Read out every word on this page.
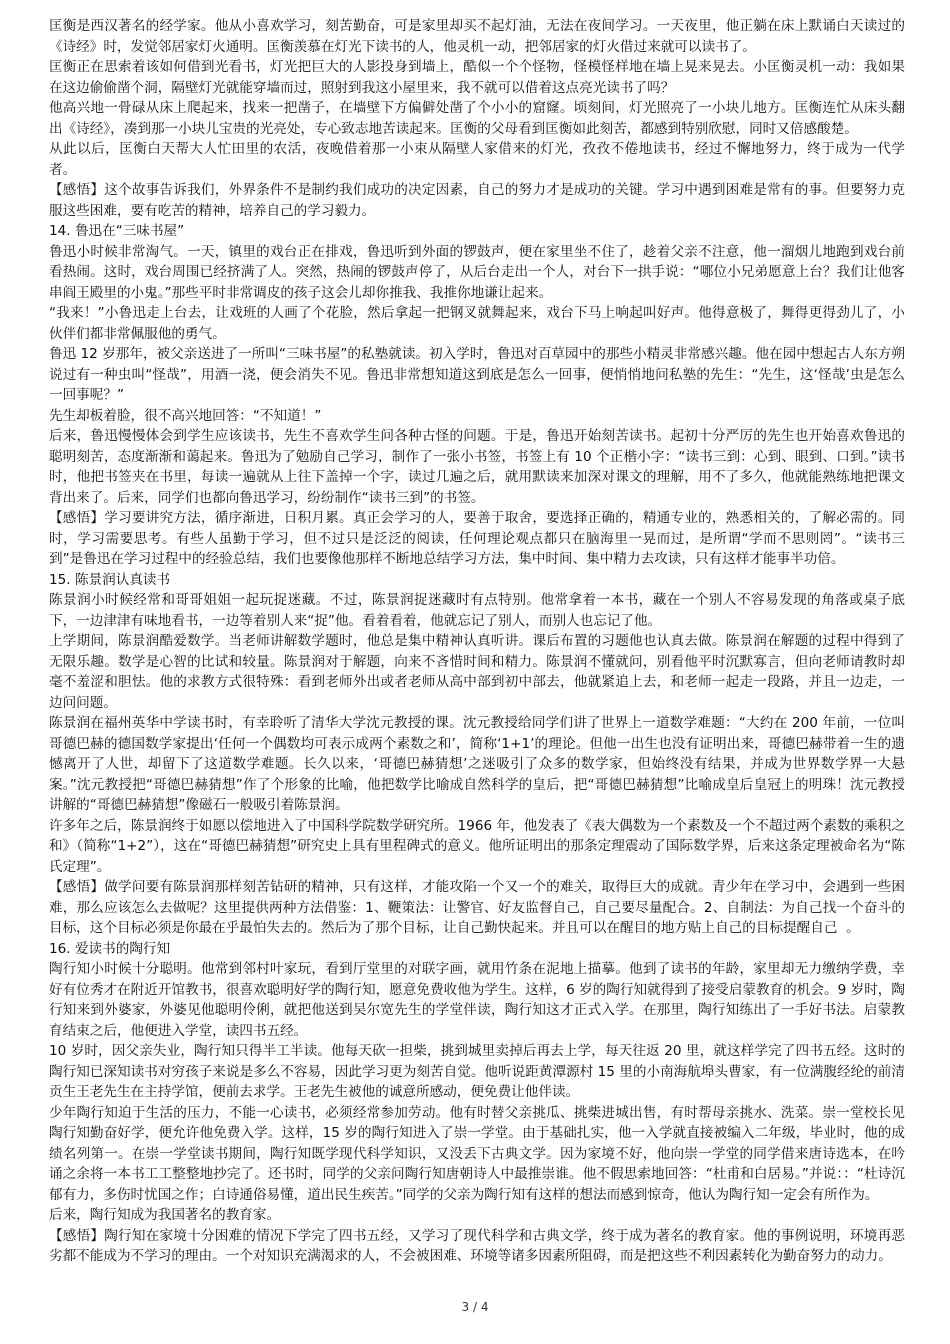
匡衡是西汉著名的经学家。他从小喜欢学习，刻苦勤奋，可是家里却买不起灯油，无法在夜间学习。一天夜里，他正躺在床上默诵白天读过的《诗经》时，发觉邻居家灯火通明。匡衡羡慕在灯光下读书的人，他灵机一动，把邻居家的灯火借过来就可以读书了。

匡衡正在思索着该如何借到光看书，灯光把巨大的人影投身到墙上，酷似一个个怪物，怪模怪样地在墙上晃来晃去。小匡衡灵机一动：我如果在这边偷偷凿个洞，隔壁灯光就能穿墙而过，照射到我这小屋里来，我不就可以借着这点亮光读书了吗？

他高兴地一骨碌从床上爬起来，找来一把凿子，在墙壁下方偏僻处凿了个小小的窟窿。顷刻间，灯光照亮了一小块儿地方。匡衡连忙从床头翻出《诗经》，凑到那一小块儿宝贵的光亮处，专心致志地苦读起来。匡衡的父母看到匡衡如此刻苦，都感到特别欣慰，同时又倍感酸楚。

从此以后，匡衡白天帮大人忙田里的农活，夜晚借着那一小束从隔壁人家借来的灯光，孜孜不倦地读书，经过不懈地努力，终于成为一代学者。

【感悟】这个故事告诉我们，外界条件不是制约我们成功的决定因素，自己的努力才是成功的关键。学习中遇到困难是常有的事。但要努力克服这些困难，要有吃苦的精神，培养自己的学习毅力。

14. 鲁迅在“三味书屋”

鲁迅小时候非常淘气。一天，镇里的戏台正在排戏，鲁迅听到外面的锣鼓声，便在家里坐不住了，趁着父亲不注意，他一溜烟儿地跑到戏台前看热闹。这时，戏台周围已经挤满了人。突然，热闹的锣鼓声停了，从后台走出一个人，对台下一拱手说：“哪位小兄弟愿意上台？我们让他客串阎王殿里的小鬼。”那些平时非常调皮的孩子这会儿却你推我、我推你地谦让起来。

“我来！”小鲁迅走上台去，让戏班的人画了个花脸，然后拿起一把钢叉就舞起来，戏台下马上响起叫好声。他得意极了，舞得更得劲儿了，小伙伴们都非常佩服他的勇气。

鲁迅 12 岁那年，被父亲送进了一所叫“三味书屋”的私塾就读。初入学时，鲁迅对百草园中的那些小精灵非常感兴趣。他在园中想起古人东方朔说过有一种虫叫“怪哉”，用酒一浇，便会消失不见。鲁迅非常想知道这到底是怎么一回事，便悄悄地问私塾的先生：“先生，这‘怪哉’虫是怎么一回事呢？”

先生却板着脸，很不高兴地回答：“不知道！”

后来，鲁迅慢慢体会到学生应该读书，先生不喜欢学生问各种古怪的问题。于是，鲁迅开始刻苦读书。起初十分严厉的先生也开始喜欢鲁迅的聪明刻苦，态度渐渐和蔼起来。鲁迅为了勉励自己学习，制作了一张小书签，书签上有 10 个正楷小字：“读书三到：心到、眼到、口到。”读书时，他把书签夹在书里，每读一遍就从上往下盖掉一个字，读过几遍之后，就用默读来加深对课文的理解，用不了多久，他就能熟练地把课文背出来了。后来，同学们也都向鲁迅学习，纷纷制作“读书三到”的书签。

【感悟】学习要讲究方法，循序渐进，日积月累。真正会学习的人，要善于取舍，要选择正确的，精通专业的，熟悉相关的，了解必需的。同时，学习需要思考。有些人虽勤于学习，但不过只是泛泛的阅读，任何理论观点都只在脑海里一晃而过，是所谓“学而不思则罔”。“读书三到”是鲁迅在学习过程中的经验总结，我们也要像他那样不断地总结学习方法，集中时间、集中精力去攻读，只有这样才能事半功倍。

15. 陈景润认真读书

陈景润小时候经常和哥哥姐姐一起玩捉迷藏。不过，陈景润捉迷藏时有点特别。他常拿着一本书，藏在一个别人不容易发现的角落或桌子底下，一边津津有味地看书，一边等着别人来“捉”他。看着看着，他就忘记了别人，而别人也忘记了他。

上学期间，陈景润酷爱数学。当老师讲解数学题时，他总是集中精神认真听讲。课后布置的习题他也认真去做。陈景润在解题的过程中得到了无限乐趣。数学是心智的比试和较量。陈景润对于解题，向来不吝惜时间和精力。陈景润不懂就问，别看他平时沉默寡言，但向老师请教时却毫不羞涩和胆怯。他的求教方式很特殊：看到老师外出或者老师从高中部到初中部去，他就紧追上去，和老师一起走一段路，并且一边走，一边问问题。

陈景润在福州英华中学读书时，有幸聆听了清华大学沈元教授的课。沈元教授给同学们讲了世界上一道数学难题：“大约在 200 年前，一位叫哥德巴赫的德国数学家提出‘任何一个偶数均可表示成两个素数之和’，简称‘1+1’的理论。但他一出生也没有证明出来，哥德巴赫带着一生的遗憾离开了人世，却留下了这道数学难题。长久以来，‘哥德巴赫猜想’之迷吸引了众多的数学家，但始终没有结果，并成为世界数学界一大悬案。”沈元教授把“哥德巴赫猜想”作了个形象的比喻，他把数学比喻成自然科学的皇后，把“哥德巴赫猜想”比喻成皇后皇冠上的明珠！沈元教授讲解的“哥德巴赫猜想”像磁石一般吸引着陈景润。

许多年之后，陈景润终于如愿以偿地进入了中国科学院数学研究所。1966 年，他发表了《表大偶数为一个素数及一个不超过两个素数的乘积之和》（简称“1+2”），这在“哥德巴赫猜想”研究史上具有里程碑式的意义。他所证明出的那条定理震动了国际数学界，后来这条定理被命名为“陈氏定理”。

【感悟】做学问要有陈景润那样刻苦钻研的精神，只有这样，才能攻陷一个又一个的难关，取得巨大的成就。青少年在学习中，会遇到一些困难，那么应该怎么去做呢？这里提供两种方法借鉴：1、鞭策法：让警官、好友监督自己，自己要尽量配合。2、自制法：为自己找一个奋斗的目标，这个目标必须是你最在乎最怕失去的。然后为了那个目标，让自己勤快起来。并且可以在醒目的地方贴上自己的目标提醒自己  。

16. 爱读书的陶行知

陶行知小时候十分聪明。他常到邻村叶家玩，看到厅堂里的对联字画，就用竹条在泥地上描摹。他到了读书的年龄，家里却无力缴纳学费，幸好有位秀才在附近开馆教书，很喜欢聪明好学的陶行知，愿意免费收他为学生。这样，6 岁的陶行知就得到了接受启蒙教育的机会。9 岁时，陶行知来到外婆家，外婆见他聪明伶俐，就把他送到吴尔宽先生的学堂伴读，陶行知这才正式入学。在那里，陶行知练出了一手好书法。启蒙教育结束之后，他便进入学堂，读四书五经。

10 岁时，因父亲失业，陶行知只得半工半读。他每天砍一担柴，挑到城里卖掉后再去上学，每天往返 20 里，就这样学完了四书五经。这时的陶行知已深知读书对穷孩子来说是多么不容易，因此学习更为刻苦自觉。他听说距黄潭源村 15 里的小南海航埠头曹家，有一位满腹经纶的前清贡生王老先生在主持学馆，便前去求学。王老先生被他的诚意所感动，便免费让他伴读。

少年陶行知迫于生活的压力，不能一心读书，必须经常参加劳动。他有时替父亲挑瓜、挑柴进城出售，有时帮母亲挑水、洗菜。崇一堂校长见陶行知勤奋好学，便允许他免费入学。这样，15 岁的陶行知进入了崇一学堂。由于基础扎实，他一入学就直接被编入二年级，毕业时，他的成绩名列第一。在崇一学堂读书期间，陶行知既学现代科学知识，又没丢下古典文学。因为家境不好，他向崇一学堂的同学借来唐诗选本，在吟诵之余将一本书工工整整地抄完了。还书时，同学的父亲问陶行知唐朝诗人中最推崇谁。他不假思索地回答：“杜甫和白居易。”并说：：“杜诗沉郁有力，多伤时忧国之作；白诗通俗易懂，道出民生疾苦。”同学的父亲为陶行知有这样的想法而感到惊奇，他认为陶行知一定会有所作为。

后来，陶行知成为我国著名的教育家。

【感悟】陶行知在家境十分困难的情况下学完了四书五经，又学习了现代科学和古典文学，终于成为著名的教育家。他的事例说明，环境再恶劣都不能成为不学习的理由。一个对知识充满渴求的人，不会被困难、环境等诸多因素所阻碍，而是把这些不利因素转化为勤奋努力的动力。

3 / 4
